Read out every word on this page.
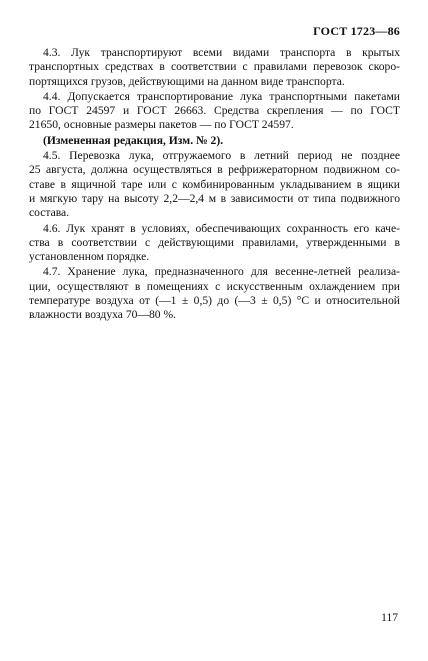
ГОСТ 1723—86
4.3. Лук транспортируют всеми видами транспорта в крытых
транспортных средствах в соответствии с правилами перевозок скоро-
портящихся грузов, действующими на данном виде транспорта.
4.4. Допускается транспортирование лука транспортными пакетами
по ГОСТ 24597 и ГОСТ 26663. Средства скрепления — по ГОСТ
21650, основные размеры пакетов — по ГОСТ 24597.
(Измененная редакция, Изм. № 2).
4.5. Перевозка лука, отгружаемого в летний период не позднее
25 августа, должна осуществляться в рефрижераторном подвижном со-
ставе в ящичной таре или с комбинированным укладыванием в ящики
и мягкую тару на высоту 2,2—2,4 м в зависимости от типа подвижного
состава.
4.6. Лук хранят в условиях, обеспечивающих сохранность его каче-
ства в соответствии с действующими правилами, утвержденными в
установленном порядке.
4.7. Хранение лука, предназначенного для весенне-летней реализа-
ции, осуществляют в помещениях с искусственным охлаждением при
температуре воздуха от (—1 ± 0,5) до (—3 ± 0,5) °С и относительной
влажности воздуха 70—80 %.
117
